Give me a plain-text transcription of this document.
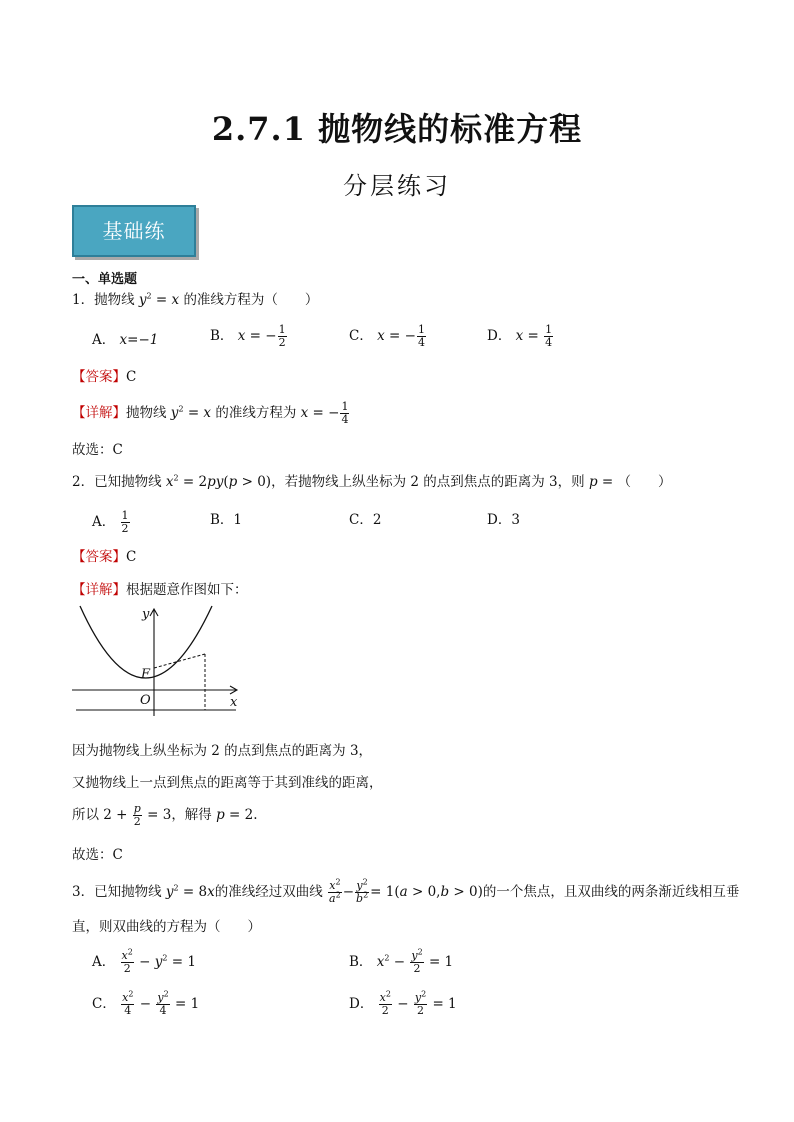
2.7.1 抛物线的标准方程
分层练习
基础练
一、单选题
1．抛物线 $y^2 = x$ 的准线方程为（　　）
A． x=−1	B． x = − $\frac{1}{2}$	C． x = − $\frac{1}{4}$	D． $x = \frac{1}{4}$
【答案】C
【详解】抛物线 $y^2 = x$ 的准线方程为 x = − $\frac{1}{4}$
故选：C
2．已知抛物线 $x^2 = 2py(p > 0)$，若抛物线上纵坐标为 2 的点到焦点的距离为 3，则 p = （　　）
A． $\frac{1}{2}$	B．1	C．2	D．3
【答案】C
【详解】根据题意作图如下：
y
x
F
O
因为抛物线上纵坐标为 2 的点到焦点的距离为 3，
又抛物线上一点到焦点的距离等于其到准线的距离，
所以 $2 + \frac{p}{2} = 3$，解得 p = 2.
故选：C
3．已知抛物线 $y^2 = 8x$的准线经过双曲线 $\frac{x^2}{a^2} - \frac{y^2}{b^2} = 1(a > 0,b > 0)$的一个焦点，且双曲线的两条渐近线相互垂
直，则双曲线的方程为（　　）
A． $\frac{x^2}{2} - y^2 = 1$	B． $x^2 - \frac{y^2}{2} = 1$
C． $\frac{x^2}{4} - \frac{y^2}{4} = 1$	D． $\frac{x^2}{2} - \frac{y^2}{2} = 1$
